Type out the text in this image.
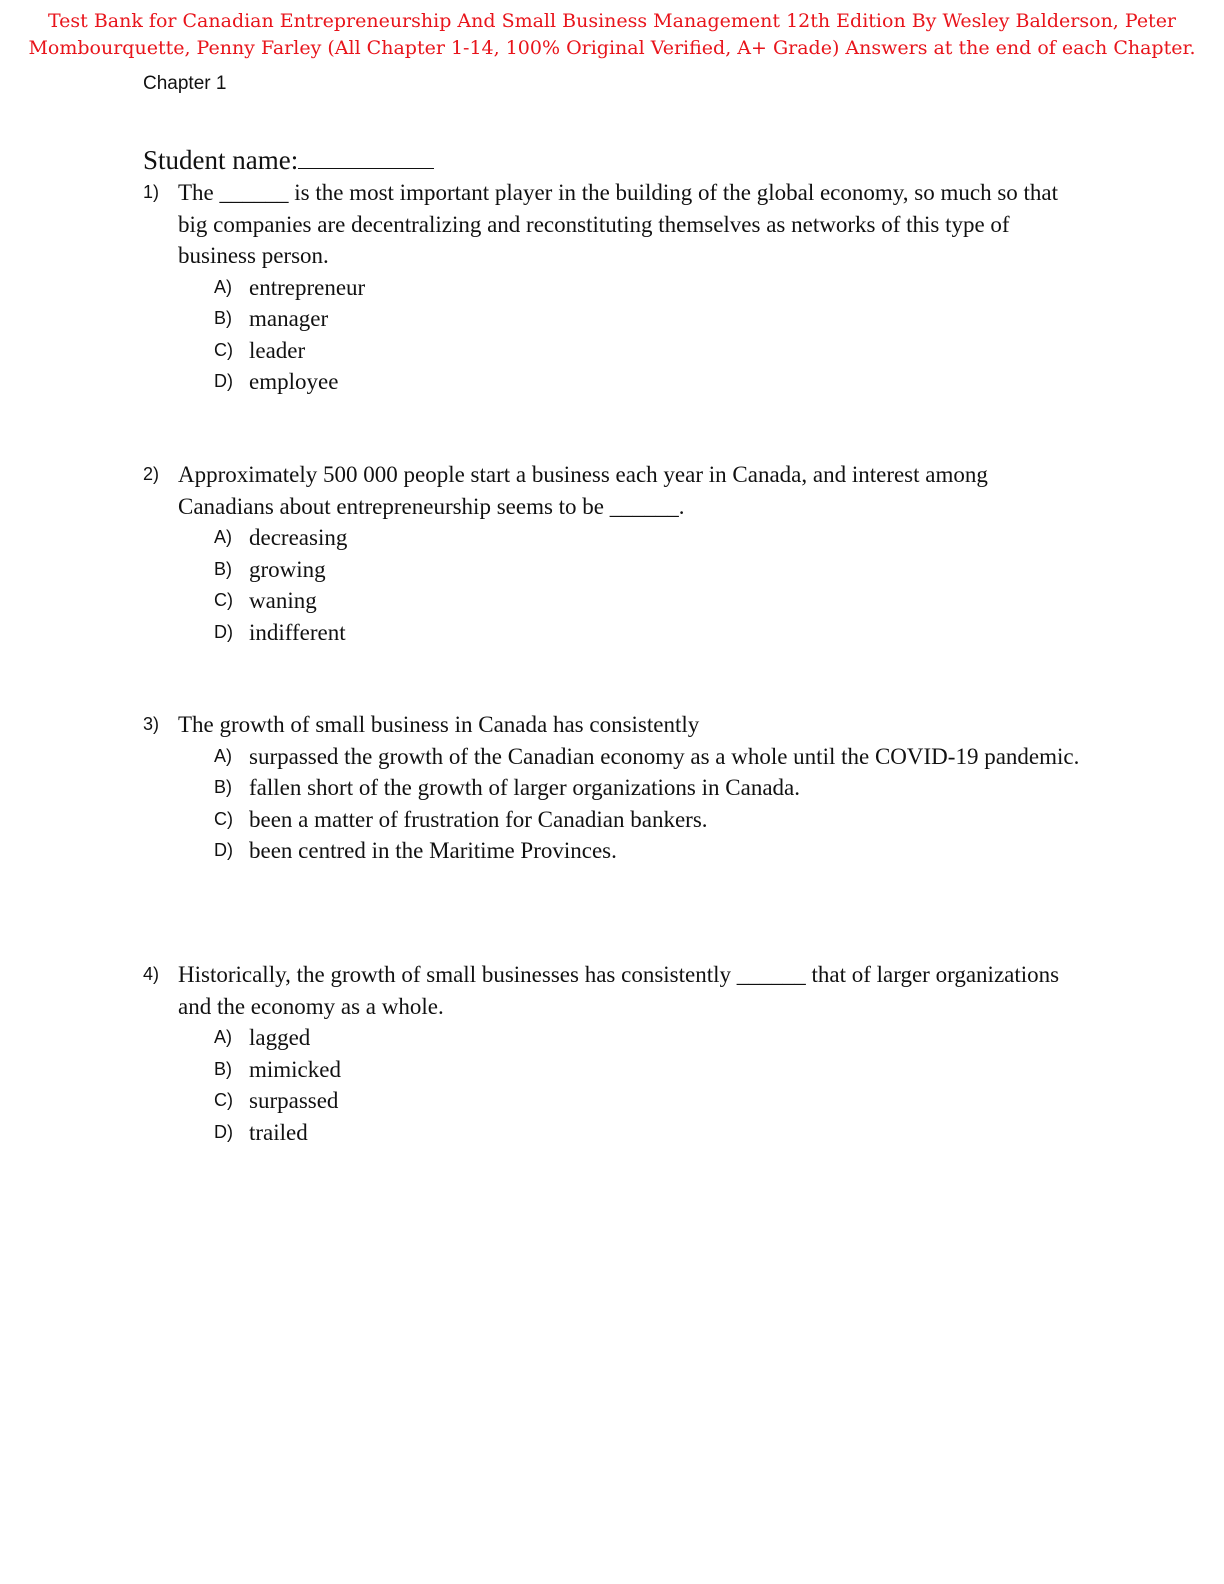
Test Bank for Canadian Entrepreneurship And Small Business Management 12th Edition By Wesley Balderson, Peter
Mombourquette, Penny Farley (All Chapter 1-14, 100% Original Verified, A+ Grade) Answers at the end of each Chapter.
Chapter 1
Student name:
1) The ______ is the most important player in the building of the global economy, so much so that big companies are decentralizing and reconstituting themselves as networks of this type of business person.
A) entrepreneur
B) manager
C) leader
D) employee
2) Approximately 500 000 people start a business each year in Canada, and interest among Canadians about entrepreneurship seems to be ______.
A) decreasing
B) growing
C) waning
D) indifferent
3) The growth of small business in Canada has consistently
A) surpassed the growth of the Canadian economy as a whole until the COVID-19 pandemic.
B) fallen short of the growth of larger organizations in Canada.
C) been a matter of frustration for Canadian bankers.
D) been centred in the Maritime Provinces.
4) Historically, the growth of small businesses has consistently ______ that of larger organizations and the economy as a whole.
A) lagged
B) mimicked
C) surpassed
D) trailed
